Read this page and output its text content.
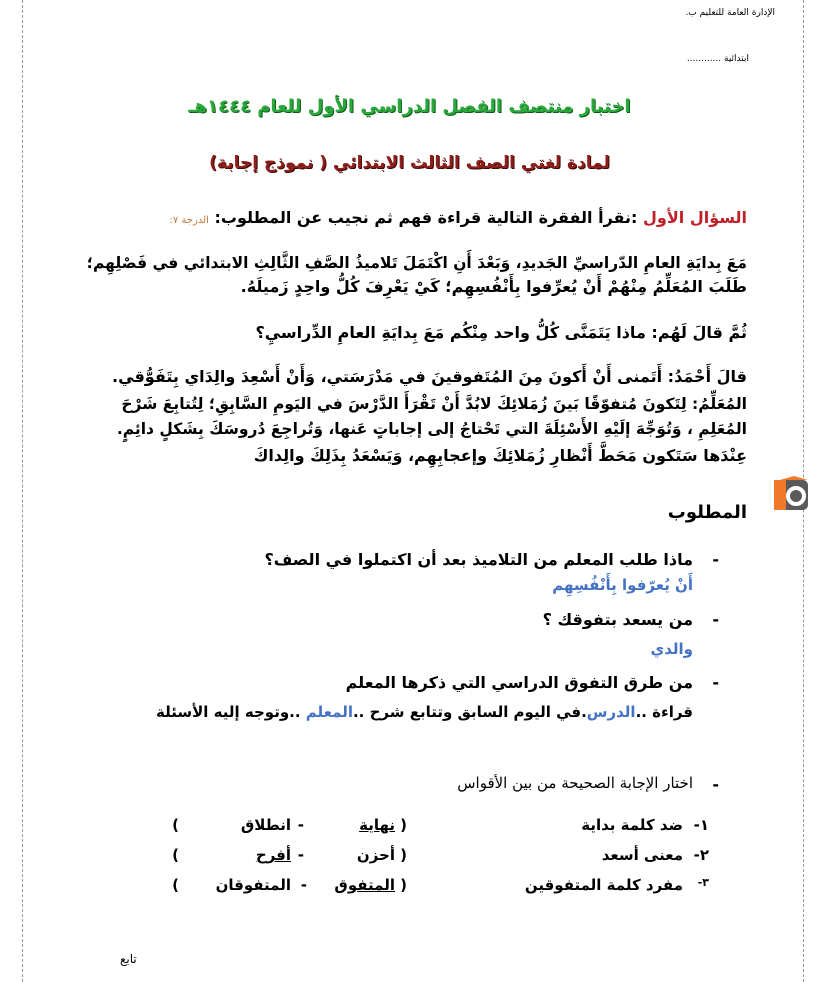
الإدارة العامة للتعليم ب.
ابتدائية ............
اختبار منتصف الفصل الدراسي الأول للعام ١٤٤٤هـ
لمادة لغتي الصف الثالث الابتدائي ( نموذج إجابة)
السؤال الأول :نقرأ الفقرة التالية قراءة فهم ثم نجيب عن المطلوب: الدرجة ٧:
مَعَ بِدايَةِ العامِ الدّراسيِّ الجَديدِ، وَبَعْدَ أَنِ اكْتَمَلَ تَلاميذُ الصَّفِ الثَّالِثِ الابتدائي في فَصْلِهِم؛
طَلَبَ المُعَلِّمُ مِنْهُمْ أَنْ يُعرِّفوا بِأَنْفُسِهِم؛ كَيْ يَعْرِفَ كُلُّ واحِدٍ زَميلَهُ.
ثُمَّ قالَ لَهُم: ماذا يَتَمَنَّى كُلُّ واحد مِنْكُم مَعَ بِدايَةِ العامِ الدِّراسيِ؟
قالَ أَحْمَدُ: أَتَمنى أَنْ أَكونَ مِنَ المُتَفوقينَ في مَدْرَسَتي، وَأَنْ أَسْعِدَ والِدَاي بِتَفَوُّقي.
المُعَلِّمُ: لِتَكونَ مُتفوّقًا بَينَ زُمَلائِكَ لابُدَّ أَنْ تَقْرَأَ الدَّرْسَ في اليَومِ السَّابِقِ؛ لِتُتابِعَ شَرْحَ
المُعَلِمِ ، وَتُوَجِّهَ إلَيْهِ الأَسْئِلَةَ التي تَحْتاجُ إلى إجاباتٍ عَنها، وَتُراجِعَ دُروسَكَ بِشَكلٍ دائِمٍ.
عِنْدَها سَتَكون مَحَطَّ أَنْظارِ زُمَلائِكَ وإعجابِهِم، وَيَسْعَدُ بِذَلِكَ والِداكَ
المطلوب
-
ماذا طلب المعلم من التلاميذ بعد أن اكتملوا في الصف؟
أَنْ يُعرّفوا بِأَنْفُسِهِم
-
من يسعد بتفوقك ؟
والدي
-
من طرق التفوق الدراسي التي ذكرها المعلم
قراءة ..الدرس.في اليوم السابق وتتابع شرح ..المعلم ..وتوجه إليه الأسئلة
-
اختار الإجابة الصحيحة من بين الأقواس
١-
ضد كلمة بداية
(
نهاية
-
انطلاق
)
٢-
معنى أسعد
(
أحزن
-
أفرح
)
٣-
مفرد كلمة المتفوقين
(
المتفوق
-
المتفوقان
)
تابع
